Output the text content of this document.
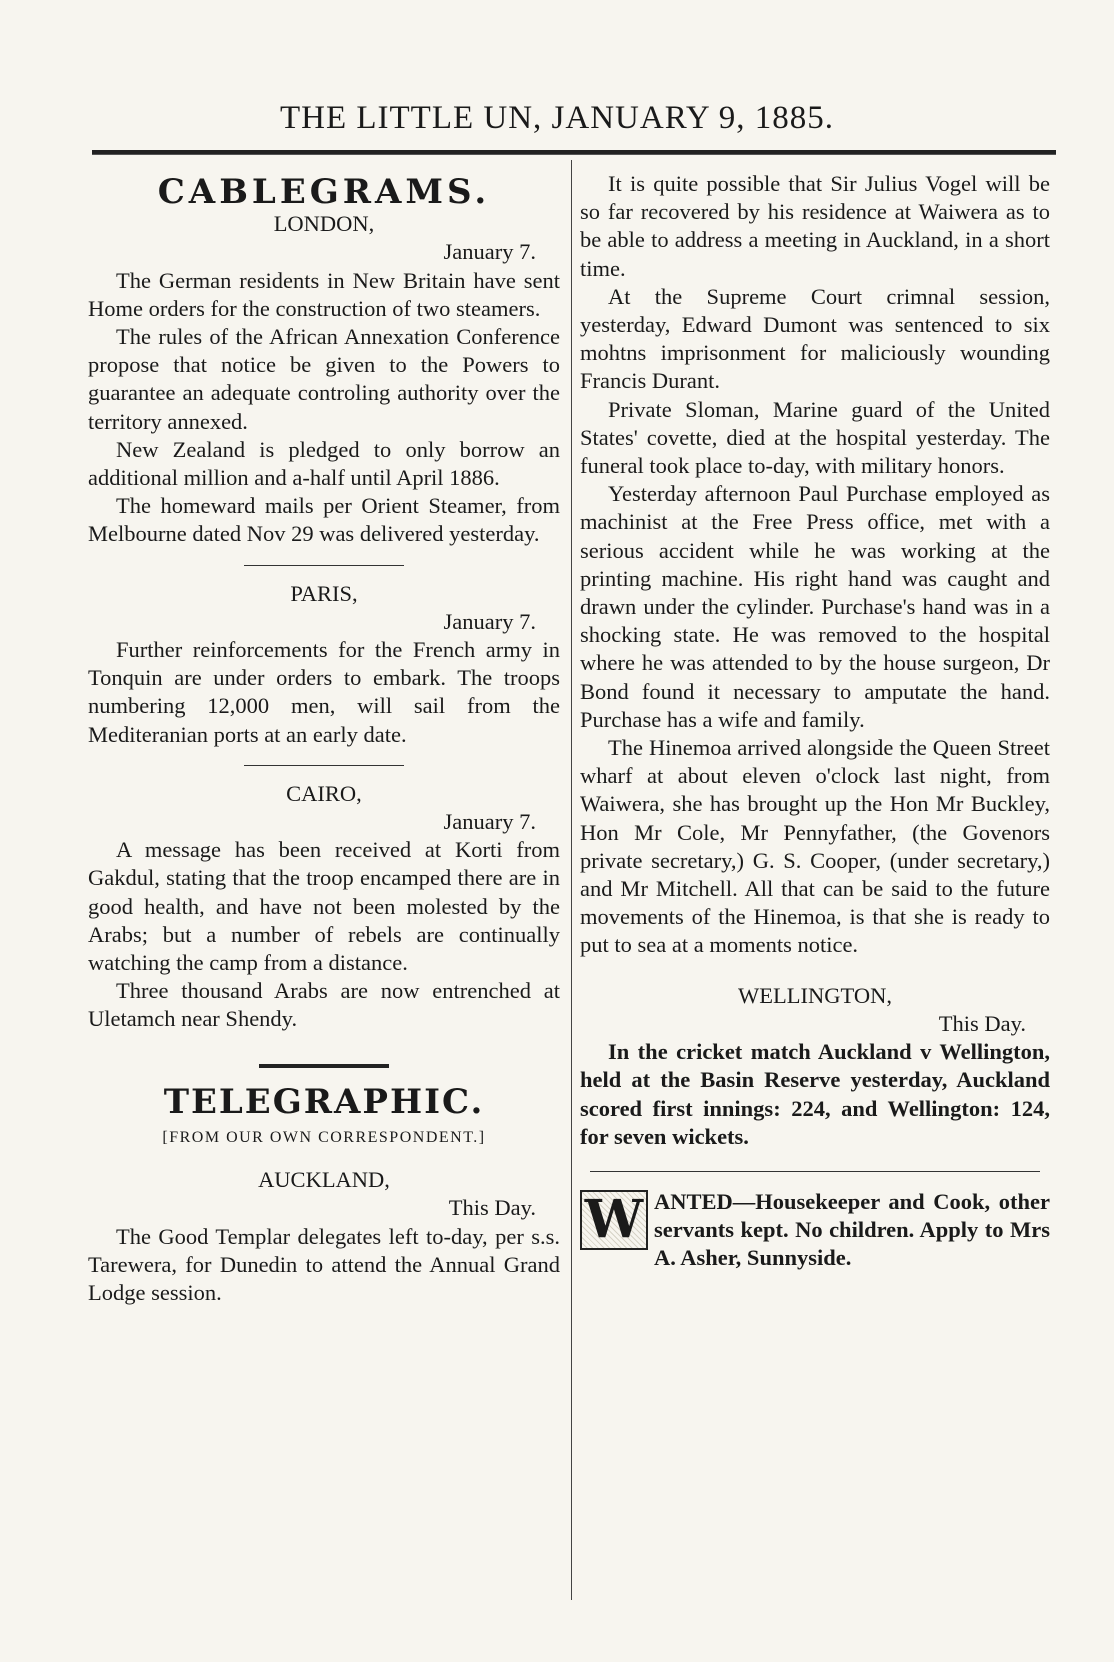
THE LITTLE UN, JANUARY 9, 1885.
CABLEGRAMS.
LONDON,
January 7.

The German residents in New Britain have sent Home orders for the construction of two steamers.

The rules of the African Annexation Conference propose that notice be given to the Powers to guarantee an adequate controling authority over the territory annexed.

New Zealand is pledged to only borrow an additional million and a-half until April 1886.

The homeward mails per Orient Steamer, from Melbourne dated Nov 29 was delivered yesterday.

PARIS,
January 7.

Further reinforcements for the French army in Tonquin are under orders to embark. The troops numbering 12,000 men, will sail from the Mediteranian ports at an early date.

CAIRO,
January 7.

A message has been received at Korti from Gakdul, stating that the troop encamped there are in good health, and have not been molested by the Arabs; but a number of rebels are continually watching the camp from a distance.

Three thousand Arabs are now entrenched at Uletamch near Shendy.

TELEGRAPHIC.
[FROM OUR OWN CORRESPONDENT.]
AUCKLAND,
This Day.

The Good Templar delegates left to-day, per s.s. Tarewera, for Dunedin to attend the Annual Grand Lodge session.

It is quite possible that Sir Julius Vogel will be so far recovered by his residence at Waiwera as to be able to address a meeting in Auckland, in a short time.

At the Supreme Court crimnal session, yesterday, Edward Dumont was sentenced to six mohtns imprisonment for maliciously wounding Francis Durant.

Private Sloman, Marine guard of the United States' covette, died at the hospital yesterday. The funeral took place to-day, with military honors.

Yesterday afternoon Paul Purchase employed as machinist at the Free Press office, met with a serious accident while he was working at the printing machine. His right hand was caught and drawn under the cylinder. Purchase's hand was in a shocking state. He was removed to the hospital where he was attended to by the house surgeon, Dr Bond found it necessary to amputate the hand. Purchase has a wife and family.

The Hinemoa arrived alongside the Queen Street wharf at about eleven o'clock last night, from Waiwera, she has brought up the Hon Mr Buckley, Hon Mr Cole, Mr Pennyfather, (the Govenors private secretary,) G. S. Cooper, (under secretary,) and Mr Mitchell. All that can be said to the future movements of the Hinemoa, is that she is ready to put to sea at a moments notice.

WELLINGTON,
This Day.

In the cricket match Auckland v Wellington, held at the Basin Reserve yesterday, Auckland scored first innings: 224, and Wellington: 124, for seven wickets.

W ANTED—Housekeeper and Cook, other servants kept. No children. Apply to Mrs A. Asher, Sunnyside.
